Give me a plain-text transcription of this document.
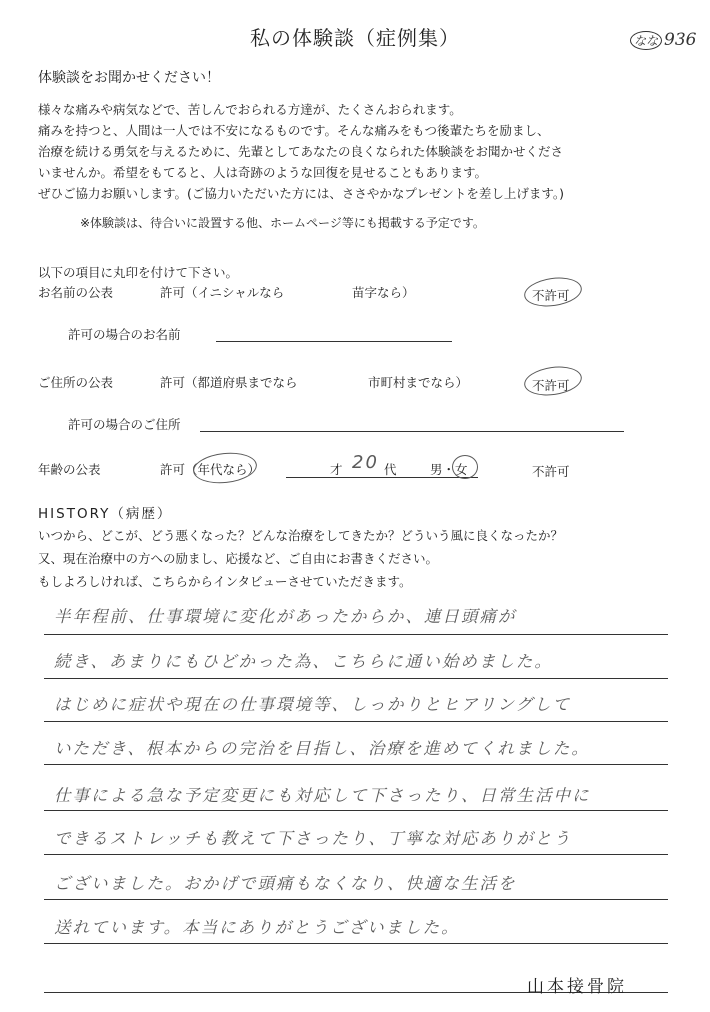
私の体験談（症例集）	なな 936
体験談をお聞かせください！
様々な痛みや病気などで、苦しんでおられる方達が、たくさんおられます。
痛みを持つと、人間は一人では不安になるものです。そんな痛みをもつ後輩たちを励まし、
治療を続ける勇気を与えるために、先輩としてあなたの良くなられた体験談をお聞かせくださ
いませんか。希望をもてると、人は奇跡のような回復を見せることもあります。
ぜひご協力お願いします。(ご協力いただいた方には、ささやかなプレゼントを差し上げます。)
※体験談は、待合いに設置する他、ホームページ等にも掲載する予定です。
以下の項目に丸印を付けて下さい。
お名前の公表	許可（イニシャルなら	苗字なら）	不許可
許可の場合のお名前
ご住所の公表	許可（都道府県までなら	市町村までなら）	不許可
許可の場合のご住所
年齢の公表	許可（年代なら）	才 20 代	男・女	不許可
HISTORY（病歴）
いつから、どこが、どう悪くなった？どんな治療をしてきたか？どういう風に良くなったか？
又、現在治療中の方への励まし、応援など、ご自由にお書きください。
もしよろしければ、こちらからインタビューさせていただきます。
半年程前、仕事環境に変化があったからか、連日頭痛が
続き、あまりにもひどかった為、こちらに通い始めました。
はじめに症状や現在の仕事環境等、しっかりとヒアリングして
いただき、根本からの完治を目指し、治療を進めてくれました。
仕事による急な予定変更にも対応して下さったり、日常生活中に
できるストレッチも教えて下さったり、丁寧な対応ありがとう
ございました。おかげで頭痛もなくなり、快適な生活を
送れています。本当にありがとうございました。
山本接骨院
